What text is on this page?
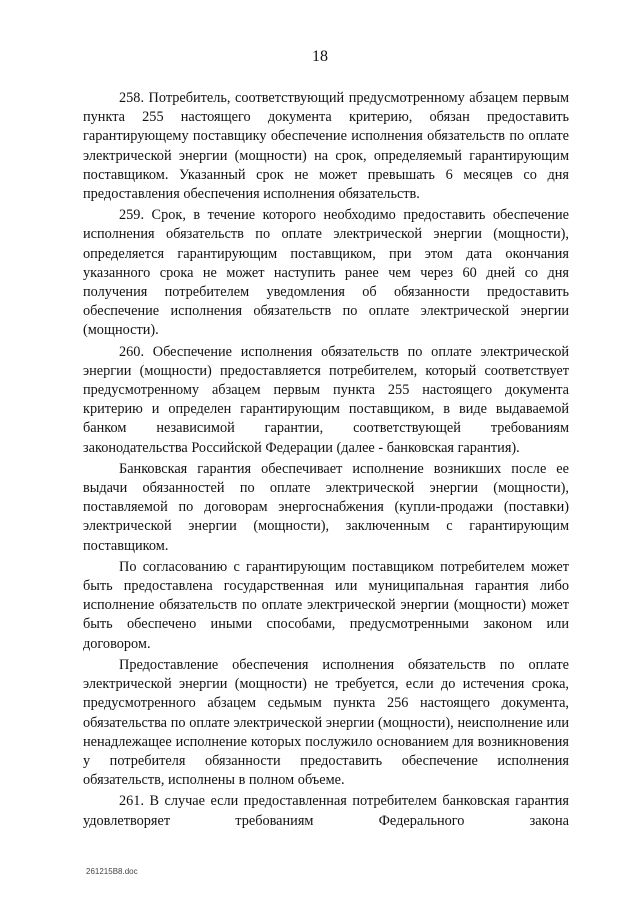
18

258. Потребитель, соответствующий предусмотренному абзацем первым пункта 255 настоящего документа критерию, обязан предоставить гарантирующему поставщику обеспечение исполнения обязательств по оплате электрической энергии (мощности) на срок, определяемый гарантирующим поставщиком. Указанный срок не может превышать 6 месяцев со дня предоставления обеспечения исполнения обязательств.

259. Срок, в течение которого необходимо предоставить обеспечение исполнения обязательств по оплате электрической энергии (мощности), определяется гарантирующим поставщиком, при этом дата окончания указанного срока не может наступить ранее чем через 60 дней со дня получения потребителем уведомления об обязанности предоставить обеспечение исполнения обязательств по оплате электрической энергии (мощности).

260. Обеспечение исполнения обязательств по оплате электрической энергии (мощности) предоставляется потребителем, который соответствует предусмотренному абзацем первым пункта 255 настоящего документа критерию и определен гарантирующим поставщиком, в виде выдаваемой банком независимой гарантии, соответствующей требованиям законодательства Российской Федерации (далее - банковская гарантия).

Банковская гарантия обеспечивает исполнение возникших после ее выдачи обязанностей по оплате электрической энергии (мощности), поставляемой по договорам энергоснабжения (купли-продажи (поставки) электрической энергии (мощности), заключенным с гарантирующим поставщиком.

По согласованию с гарантирующим поставщиком потребителем может быть предоставлена государственная или муниципальная гарантия либо исполнение обязательств по оплате электрической энергии (мощности) может быть обеспечено иными способами, предусмотренными законом или договором.

Предоставление обеспечения исполнения обязательств по оплате электрической энергии (мощности) не требуется, если до истечения срока, предусмотренного абзацем седьмым пункта 256 настоящего документа, обязательства по оплате электрической энергии (мощности), неисполнение или ненадлежащее исполнение которых послужило основанием для возникновения у потребителя обязанности предоставить обеспечение исполнения обязательств, исполнены в полном объеме.

261. В случае если предоставленная потребителем банковская гарантия удовлетворяет требованиям Федерального закона

261215В8.doc
